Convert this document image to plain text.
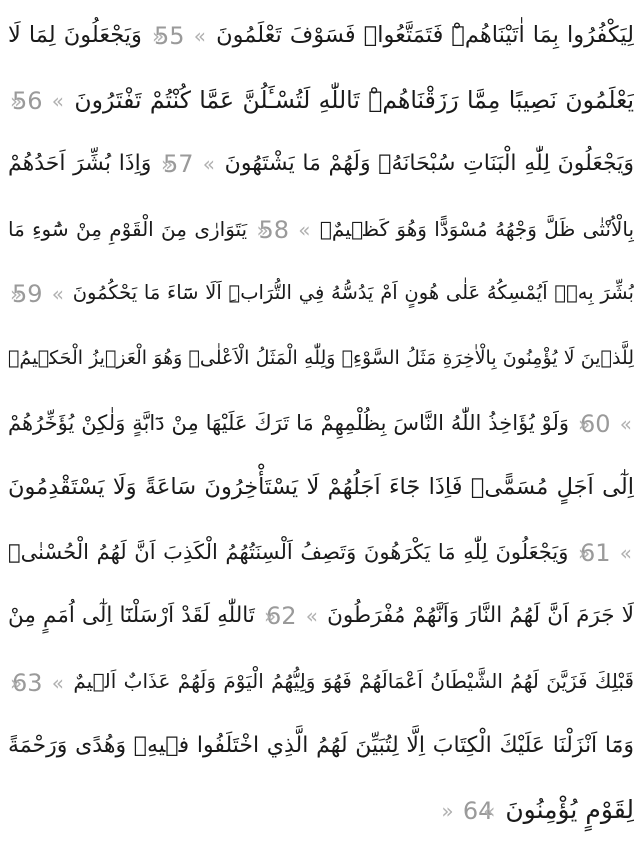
لِيَكْفُرُوا بِمَا اٰتَيْنَاهُمْۜ فَتَمَتَّعُواࣞ فَسَوْفَ تَعْلَمُونَ « 55 » وَيَجْعَلُونَ لِمَا لَا
يَعْلَمُونَ نَصِيبًا مِمَّا رَزَقْنَاهُمْۜ تَاللّٰهِ لَتُسْـَٔلُنَّ عَمَّا كُنْتُمْ تَفْتَرُونَ « 56 »
وَيَجْعَلُونَ لِلّٰهِ الْبَنَاتِ سُبْحَانَهُۙ وَلَهُمْ مَا يَشْتَهُونَ « 57 » وَاِذَا بُشِّرَ اَحَدُهُمْ
بِالْاُنْثٰى ظَلَّ وَجْهُهُ مُسْوَدًّا وَهُوَ كَظ۪يمٌۚ « 58 » يَتَوَارٰى مِنَ الْقَوْمِ مِنْ سُٓوءِ مَا
بُشِّرَ بِه۪ۜ اَيُمْسِكُهُ عَلٰى هُونٍ اَمْ يَدُسُّهُ فِي التُّرَابِۜ اَلَا سَٓاءَ مَا يَحْكُمُونَ « 59 »
لِلَّذ۪ينَ لَا يُؤْمِنُونَ بِالْاٰخِرَةِ مَثَلُ السَّوْءِۚ وَلِلّٰهِ الْمَثَلُ الْاَعْلٰىۜ وَهُوَ الْعَز۪يزُ الْحَك۪يمُ۟
« 60 » وَلَوْ يُؤَاخِذُ اللّٰهُ النَّاسَ بِظُلْمِهِمْ مَا تَرَكَ عَلَيْهَا مِنْ دَٓابَّةٍ وَلٰكِنْ يُؤَخِّرُهُمْ
اِلٰٓى اَجَلٍ مُسَمًّىۚ فَاِذَا جَٓاءَ اَجَلُهُمْ لَا يَسْتَأْخِرُونَ سَاعَةً وَلَا يَسْتَقْدِمُونَ
« 61 » وَيَجْعَلُونَ لِلّٰهِ مَا يَكْرَهُونَ وَتَصِفُ اَلْسِنَتُهُمُ الْكَذِبَ اَنَّ لَهُمُ الْحُسْنٰىۜ
لَا جَرَمَ اَنَّ لَهُمُ النَّارَ وَاَنَّهُمْ مُفْرَطُونَ « 62 » تَاللّٰهِ لَقَدْ اَرْسَلْنَٓا اِلٰٓى اُمَمٍ مِنْ
قَبْلِكَ فَزَيَّنَ لَهُمُ الشَّيْطَانُ اَعْمَالَهُمْ فَهُوَ وَلِيُّهُمُ الْيَوْمَ وَلَهُمْ عَذَابٌ اَل۪يمٌ « 63 »
وَمَٓا اَنْزَلْنَا عَلَيْكَ الْكِتَابَ اِلَّا لِتُبَيِّنَ لَهُمُ الَّذِي اخْتَلَفُوا ف۪يهِۙ وَهُدًى وَرَحْمَةً
لِقَوْمٍ يُؤْمِنُونَ « 64 »
